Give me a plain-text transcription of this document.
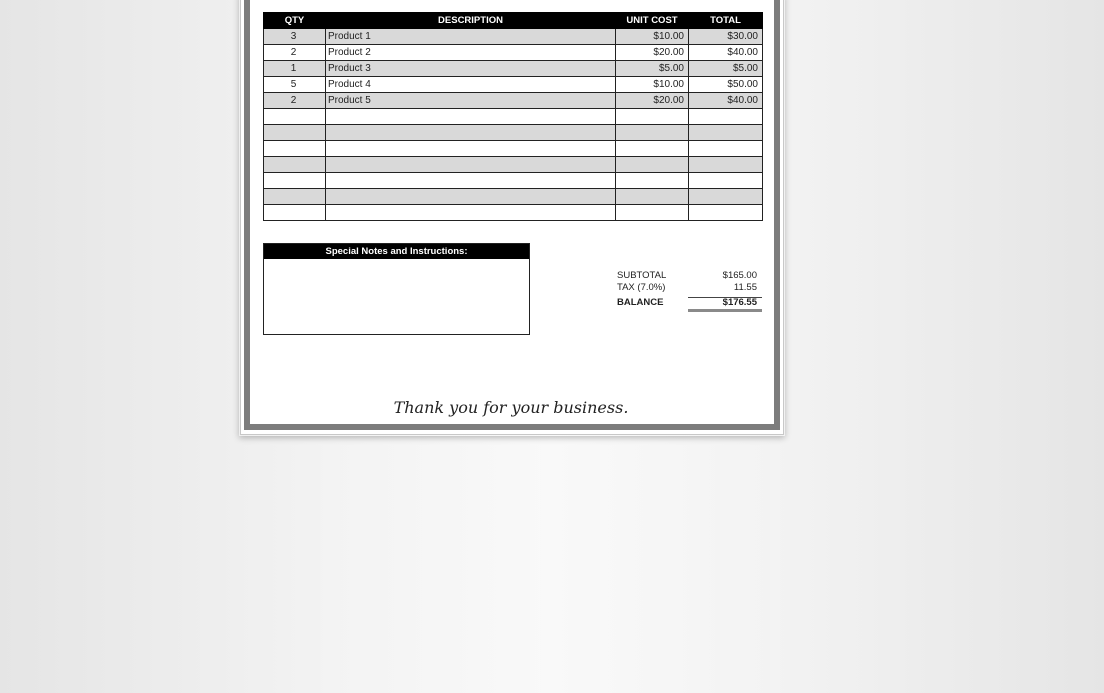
QTY	DESCRIPTION	UNIT COST	TOTAL
3	Product 1	$10.00	$30.00
2	Product 2	$20.00	$40.00
1	Product 3	$5.00	$5.00
5	Product 4	$10.00	$50.00
2	Product 5	$20.00	$40.00

Special Notes and Instructions:
SUBTOTAL	$165.00
TAX (7.0%)	11.55
BALANCE	$176.55
Thank you for your business.
